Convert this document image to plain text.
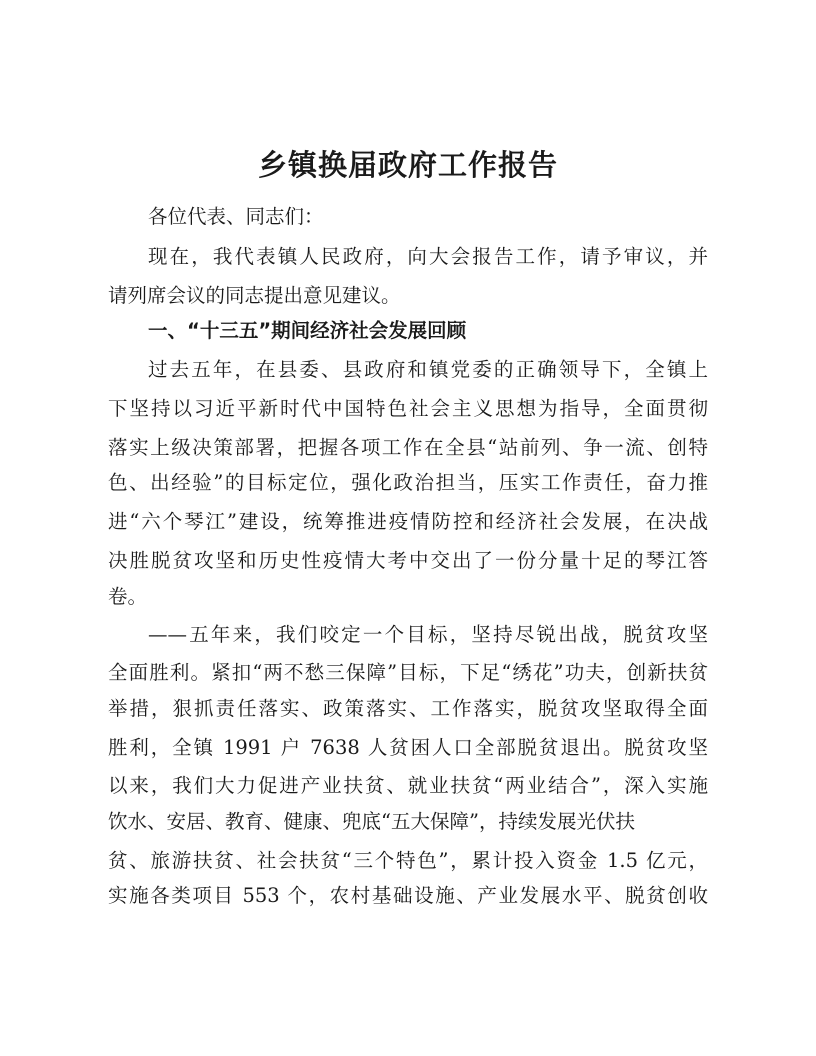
乡镇换届政府工作报告
各位代表、同志们：
现在，我代表镇人民政府，向大会报告工作，请予审议，并
请列席会议的同志提出意见建议。
一、“十三五”期间经济社会发展回顾
过去五年，在县委、县政府和镇党委的正确领导下，全镇上
下坚持以习近平新时代中国特色社会主义思想为指导，全面贯彻
落实上级决策部署，把握各项工作在全县“站前列、争一流、创特
色、出经验”的目标定位，强化政治担当，压实工作责任，奋力推
进“六个琴江”建设，统筹推进疫情防控和经济社会发展，在决战
决胜脱贫攻坚和历史性疫情大考中交出了一份分量十足的琴江答
卷。
——五年来，我们咬定一个目标，坚持尽锐出战，脱贫攻坚
全面胜利。紧扣“两不愁三保障”目标，下足“绣花”功夫，创新扶贫
举措，狠抓责任落实、政策落实、工作落实，脱贫攻坚取得全面
胜利，全镇 1991 户 7638 人贫困人口全部脱贫退出。脱贫攻坚
以来，我们大力促进产业扶贫、就业扶贫“两业结合”，深入实施
饮水、安居、教育、健康、兜底“五大保障”，持续发展光伏扶
贫、旅游扶贫、社会扶贫“三个特色”，累计投入资金 1.5 亿元，
实施各类项目 553 个，农村基础设施、产业发展水平、脱贫创收
